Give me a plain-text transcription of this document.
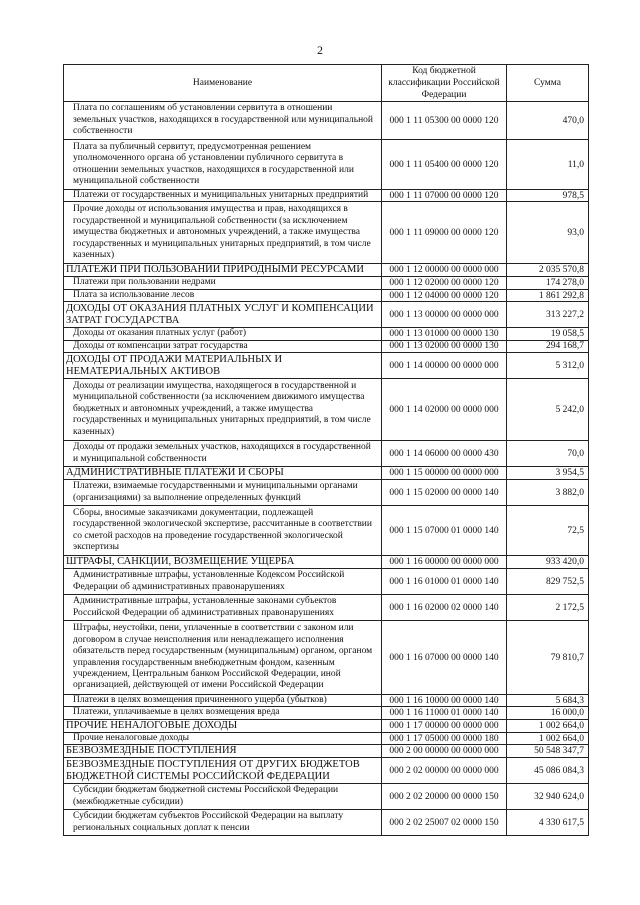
2
Наименование	Код бюджетной классификации Российской Федерации	Сумма
Плата по соглашениям об установлении сервитута в отношении земельных участков, находящихся в государственной или муниципальной собственности	000 1 11 05300 00 0000 120	470,0
Плата за публичный сервитут, предусмотренная решением уполномоченного органа об установлении публичного сервитута в отношении земельных участков, находящихся в государственной или муниципальной собственности	000 1 11 05400 00 0000 120	11,0
Платежи от государственных и муниципальных унитарных предприятий	000 1 11 07000 00 0000 120	978,5
Прочие доходы от использования имущества и прав, находящихся в государственной и муниципальной собственности (за исключением имущества бюджетных и автономных учреждений, а также имущества государственных и муниципальных унитарных предприятий, в том числе казенных)	000 1 11 09000 00 0000 120	93,0
ПЛАТЕЖИ ПРИ ПОЛЬЗОВАНИИ ПРИРОДНЫМИ РЕСУРСАМИ	000 1 12 00000 00 0000 000	2 035 570,8
Платежи при пользовании недрами	000 1 12 02000 00 0000 120	174 278,0
Плата за использование лесов	000 1 12 04000 00 0000 120	1 861 292,8
ДОХОДЫ ОТ ОКАЗАНИЯ ПЛАТНЫХ УСЛУГ И КОМПЕНСАЦИИ ЗАТРАТ ГОСУДАРСТВА	000 1 13 00000 00 0000 000	313 227,2
Доходы от оказания платных услуг (работ)	000 1 13 01000 00 0000 130	19 058,5
Доходы от компенсации затрат государства	000 1 13 02000 00 0000 130	294 168,7
ДОХОДЫ ОТ ПРОДАЖИ МАТЕРИАЛЬНЫХ И НЕМАТЕРИАЛЬНЫХ АКТИВОВ	000 1 14 00000 00 0000 000	5 312,0
Доходы от реализации имущества, находящегося в государственной и муниципальной собственности (за исключением движимого имущества бюджетных и автономных учреждений, а также имущества государственных и муниципальных унитарных предприятий, в том числе казенных)	000 1 14 02000 00 0000 000	5 242,0
Доходы от продажи земельных участков, находящихся в государственной и муниципальной собственности	000 1 14 06000 00 0000 430	70,0
АДМИНИСТРАТИВНЫЕ ПЛАТЕЖИ И СБОРЫ	000 1 15 00000 00 0000 000	3 954,5
Платежи, взимаемые государственными и муниципальными органами (организациями) за выполнение определенных функций	000 1 15 02000 00 0000 140	3 882,0
Сборы, вносимые заказчиками документации, подлежащей государственной экологической экспертизе, рассчитанные в соответствии со сметой расходов на проведение государственной экологической экспертизы	000 1 15 07000 01 0000 140	72,5
ШТРАФЫ, САНКЦИИ, ВОЗМЕЩЕНИЕ УЩЕРБА	000 1 16 00000 00 0000 000	933 420,0
Административные штрафы, установленные Кодексом Российской Федерации об административных правонарушениях	000 1 16 01000 01 0000 140	829 752,5
Административные штрафы, установленные законами субъектов Российской Федерации об административных правонарушениях	000 1 16 02000 02 0000 140	2 172,5
Штрафы, неустойки, пени, уплаченные в соответствии с законом или договором в случае неисполнения или ненадлежащего исполнения обязательств перед государственным (муниципальным) органом, органом управления государственным внебюджетным фондом, казенным учреждением, Центральным банком Российской Федерации, иной организацией, действующей от имени Российской Федерации	000 1 16 07000 00 0000 140	79 810,7
Платежи в целях возмещения причиненного ущерба (убытков)	000 1 16 10000 00 0000 140	5 684,3
Платежи, уплачиваемые в целях возмещения вреда	000 1 16 11000 01 0000 140	16 000,0
ПРОЧИЕ НЕНАЛОГОВЫЕ ДОХОДЫ	000 1 17 00000 00 0000 000	1 002 664,0
Прочие неналоговые доходы	000 1 17 05000 00 0000 180	1 002 664,0
БЕЗВОЗМЕЗДНЫЕ ПОСТУПЛЕНИЯ	000 2 00 00000 00 0000 000	50 548 347,7
БЕЗВОЗМЕЗДНЫЕ ПОСТУПЛЕНИЯ ОТ ДРУГИХ БЮДЖЕТОВ БЮДЖЕТНОЙ СИСТЕМЫ РОССИЙСКОЙ ФЕДЕРАЦИИ	000 2 02 00000 00 0000 000	45 086 084,3
Субсидии бюджетам бюджетной системы Российской Федерации (межбюджетные субсидии)	000 2 02 20000 00 0000 150	32 940 624,0
Субсидии бюджетам субъектов Российской Федерации на выплату региональных социальных доплат к пенсии	000 2 02 25007 02 0000 150	4 330 617,5
